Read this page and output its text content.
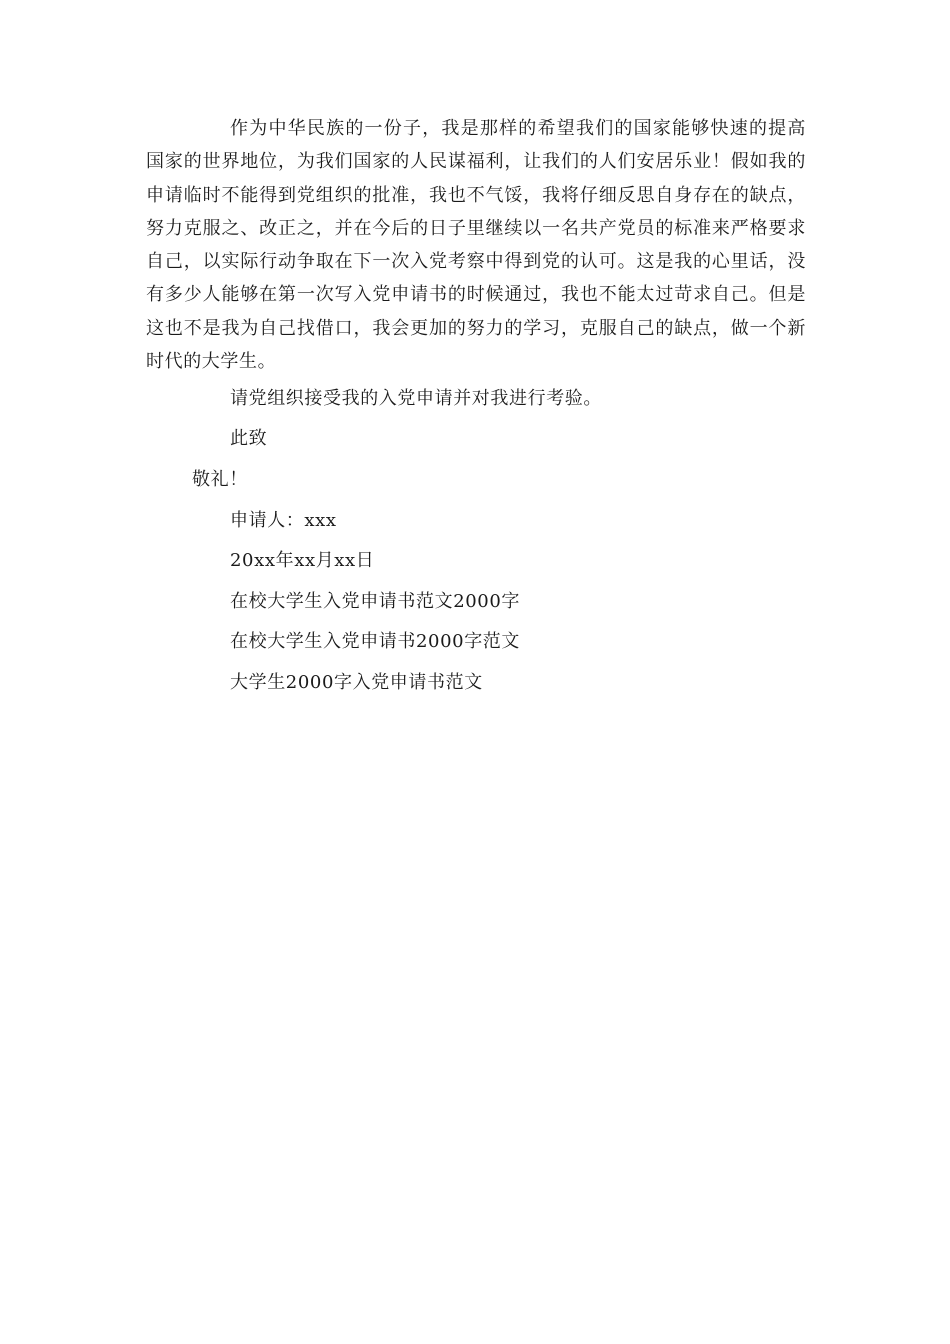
作为中华民族的一份子，我是那样的希望我们的国家能够快速的提高国家的世界地位，为我们国家的人民谋福利，让我们的人们安居乐业！假如我的申请临时不能得到党组织的批准，我也不气馁，我将仔细反思自身存在的缺点，努力克服之、改正之，并在今后的日子里继续以一名共产党员的标准来严格要求自己，以实际行动争取在下一次入党考察中得到党的认可。这是我的心里话，没有多少人能够在第一次写入党申请书的时候通过，我也不能太过苛求自己。但是这也不是我为自己找借口，我会更加的努力的学习，克服自己的缺点，做一个新时代的大学生。

请党组织接受我的入党申请并对我进行考验。

此致

敬礼！

申请人：xxx

20xx年xx月xx日

在校大学生入党申请书范文2000字

在校大学生入党申请书2000字范文

大学生2000字入党申请书范文
